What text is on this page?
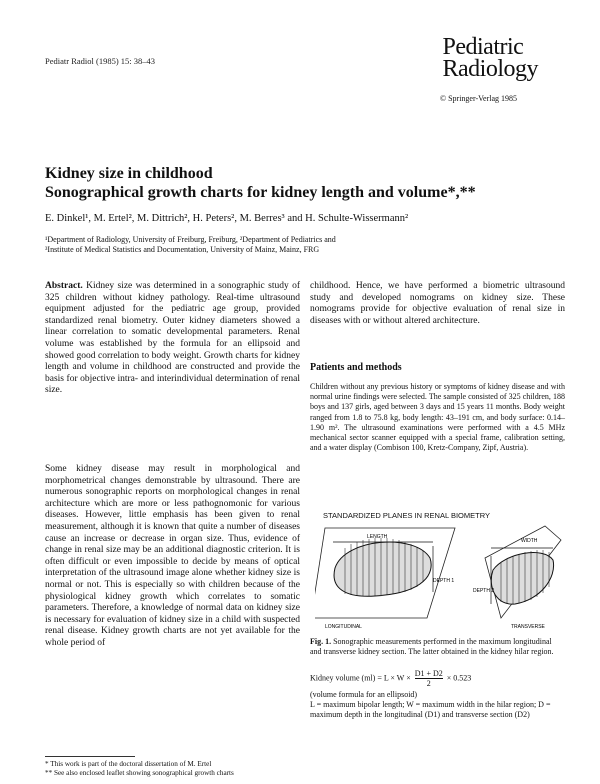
Pediatr Radiol (1985) 15: 38–43
Pediatric
Radiology
© Springer-Verlag 1985
Kidney size in childhood
Sonographical growth charts for kidney length and volume*,**
E. Dinkel¹, M. Ertel², M. Dittrich², H. Peters², M. Berres³ and H. Schulte-Wissermann²
¹Department of Radiology, University of Freiburg, Freiburg, ²Department of Pediatrics and
³Institute of Medical Statistics and Documentation, University of Mainz, Mainz, FRG
Abstract. Kidney size was determined in a sonographic study of 325 children without kidney pathology. Real-time ultrasound equipment adjusted for the pediatric age group, provided standardized renal biometry. Outer kidney diameters showed a linear correlation to somatic developmental parameters. Renal volume was established by the formula for an ellipsoid and showed good correlation to body weight. Growth charts for kidney length and volume in childhood are constructed and provide the basis for objective intra- and interindividual determination of renal size.
Some kidney disease may result in morphological and morphometrical changes demonstrable by ultrasound. There are numerous sonographic reports on morphological changes in renal architecture which are more or less pathognomonic for various diseases. However, little emphasis has been given to renal measurement, although it is known that quite a number of diseases cause an increase or decrease in organ size. Thus, evidence of change in renal size may be an additional diagnostic criterion. It is often difficult or even impossible to decide by means of optical interpretation of the ultrasound image alone whether kidney size is normal or not. This is especially so with children because of the physiological kidney growth which correlates to somatic parameters. Therefore, a knowledge of normal data on kidney size is necessary for evaluation of kidney size in a child with suspected renal disease. Kidney growth charts are not yet available for the whole period of
childhood. Hence, we have performed a biometric ultrasound study and developed nomograms on kidney size. These nomograms provide for objective evaluation of renal size in diseases with or without altered architecture.
Patients and methods
Children without any previous history or symptoms of kidney disease and with normal urine findings were selected. The sample consisted of 325 children, 188 boys and 137 girls, aged between 3 days and 15 years 11 months. Body weight ranged from 1.8 to 75.8 kg, body length: 43–191 cm, and body surface: 0.14–1.90 m². The ultrasound examinations were performed with a 4.5 MHz mechanical sector scanner equipped with a special frame, calibration setting, and a water display (Combison 100, Kretz-Company, Zipf, Austria).
STANDARDIZED PLANES IN RENAL BIOMETRY
LENGTH
DEPTH 1
LONGITUDINAL
WIDTH
DEPTH 2
TRANSVERSE
Fig. 1. Sonographic measurements performed in the maximum longitudinal and transverse kidney section. The latter obtained in the kidney hilar region.
Kidney volume $(ml) = L \times W \times \frac{D1 + D2}{2} \times 0.523$
(volume formula for an ellipsoid)
L = maximum bipolar length; W = maximum width in the hilar region; D = maximum depth in the longitudinal (D1) and transverse section (D2)
* This work is part of the doctoral dissertation of M. Ertel
** See also enclosed leaflet showing sonographical growth charts
